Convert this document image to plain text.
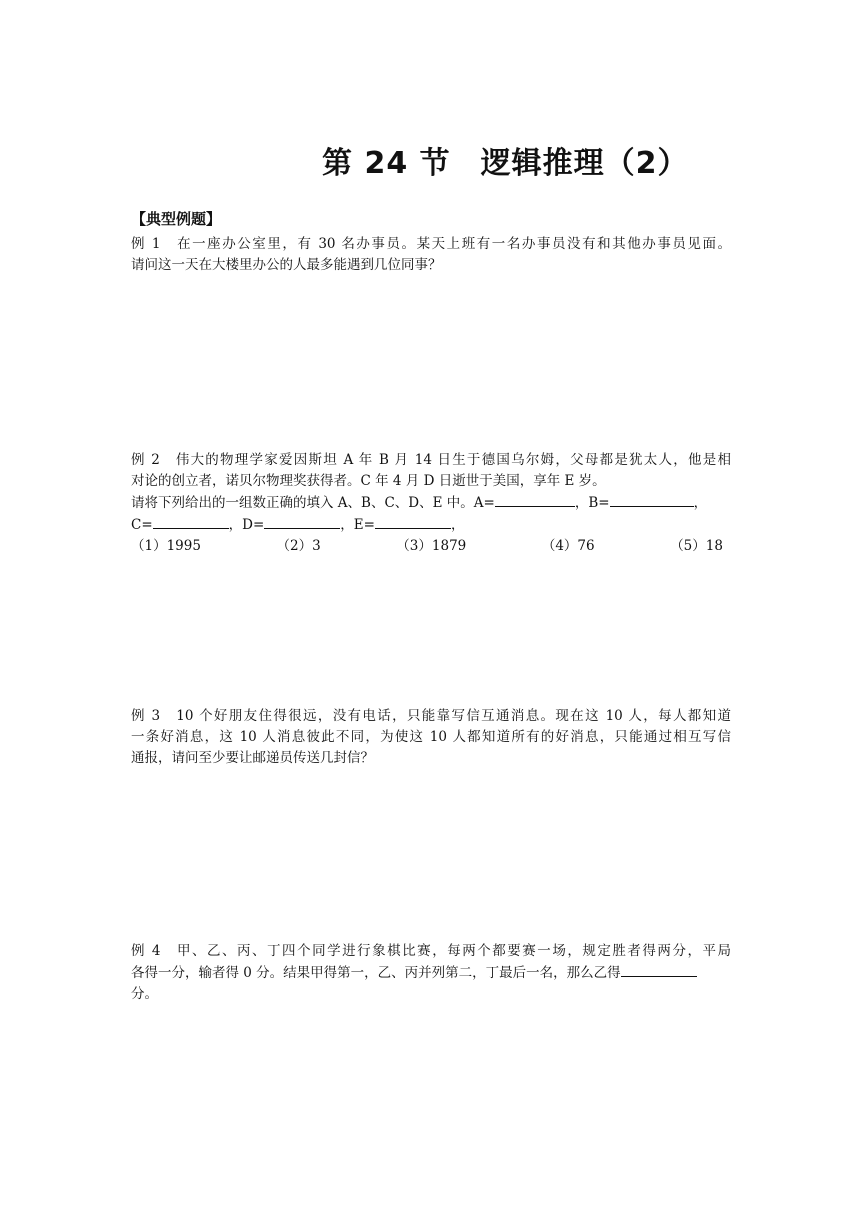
第 24 节 逻辑推理（2）
【典型例题】
例 1　在一座办公室里，有 30 名办事员。某天上班有一名办事员没有和其他办事员见面。
请问这一天在大楼里办公的人最多能遇到几位同事？
例 2　伟大的物理学家爱因斯坦 A 年 B 月 14 日生于德国乌尔姆，父母都是犹太人，他是相
对论的创立者，诺贝尔物理奖获得者。C 年 4 月 D 日逝世于美国，享年 E 岁。
请将下列给出的一组数正确的填入 A、B、C、D、E 中。A=	，B=	，
C=	，D=	，E=	，
（1）1995	（2）3	（3）1879	（4）76	（5）18
例 3　10 个好朋友住得很远，没有电话，只能靠写信互通消息。现在这 10 人，每人都知道
一条好消息，这 10 人消息彼此不同，为使这 10 人都知道所有的好消息，只能通过相互写信
通报，请问至少要让邮递员传送几封信？
例 4　甲、乙、丙、丁四个同学进行象棋比赛，每两个都要赛一场，规定胜者得两分，平局
各得一分，输者得 0 分。结果甲得第一，乙、丙并列第二，丁最后一名，那么乙得
分。
